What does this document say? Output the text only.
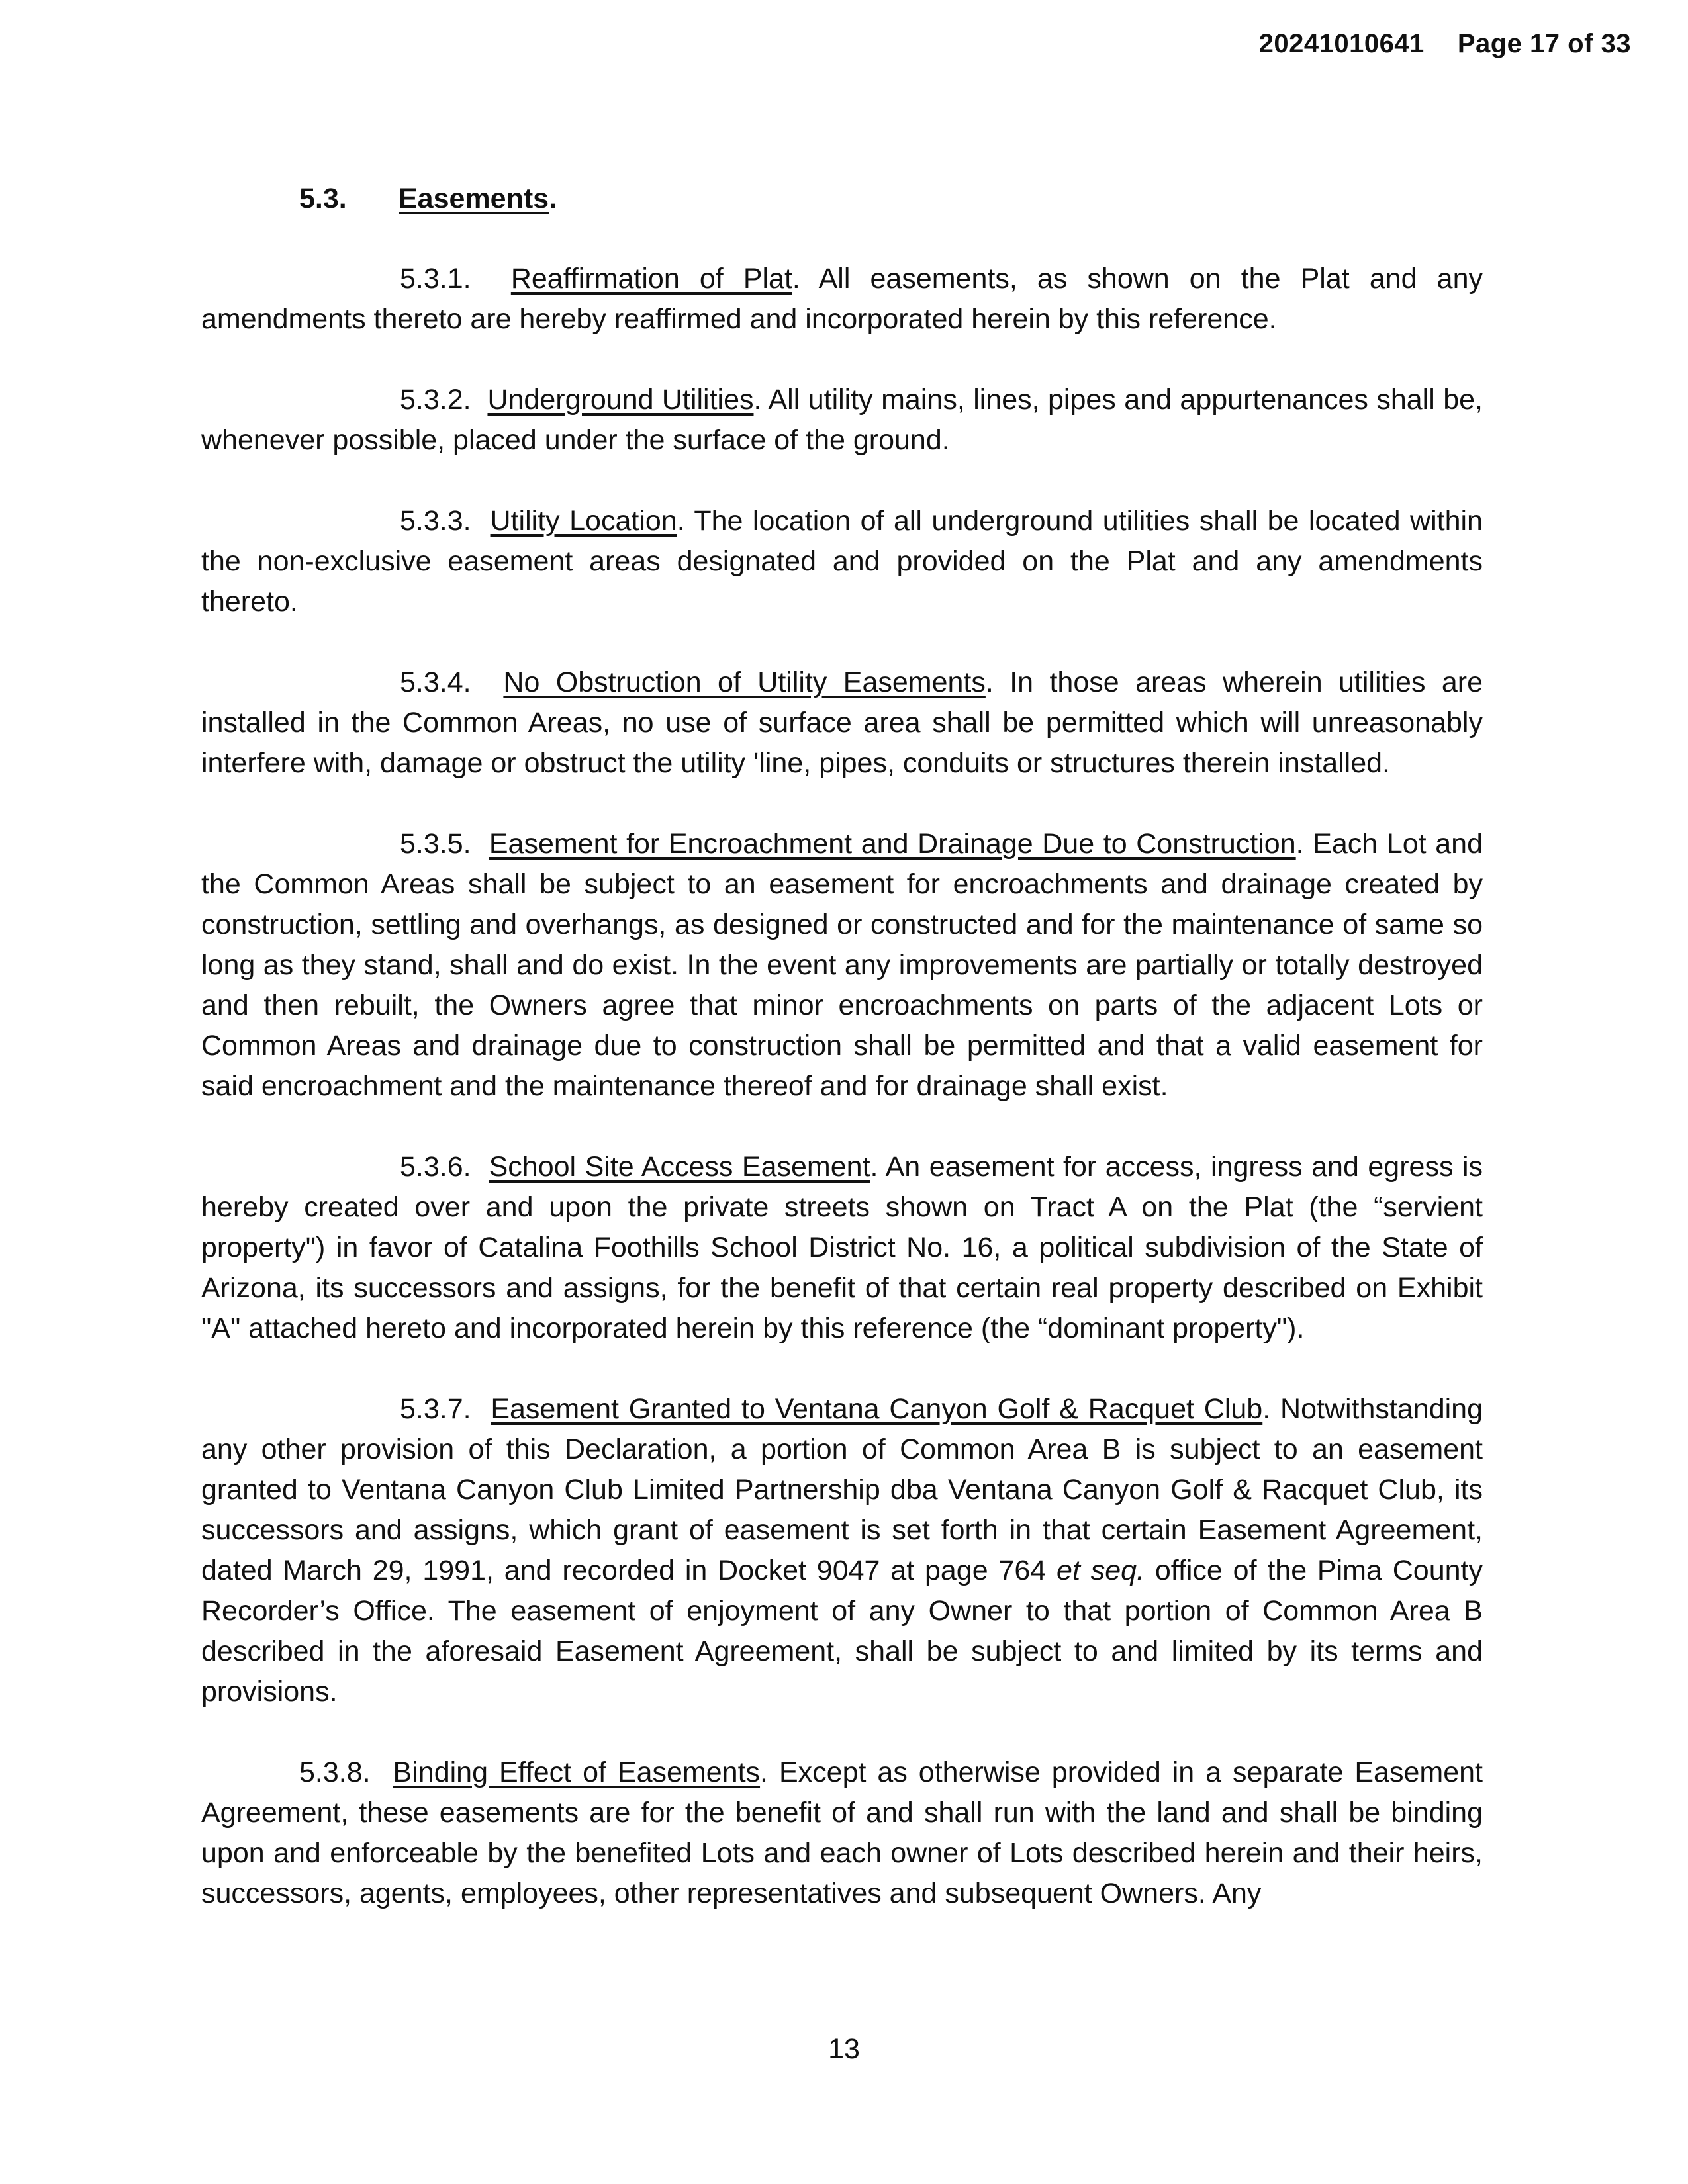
20241010641 Page 17 of 33
5.3. Easements.

5.3.1. Reaffirmation of Plat. All easements, as shown on the Plat and any amendments thereto are hereby reaffirmed and incorporated herein by this reference.

5.3.2. Underground Utilities. All utility mains, lines, pipes and appurtenances shall be, whenever possible, placed under the surface of the ground.

5.3.3. Utility Location. The location of all underground utilities shall be located within the non-exclusive easement areas designated and provided on the Plat and any amendments thereto.

5.3.4. No Obstruction of Utility Easements. In those areas wherein utilities are installed in the Common Areas, no use of surface area shall be permitted which will unreasonably interfere with, damage or obstruct the utility 'line, pipes, conduits or structures therein installed.

5.3.5. Easement for Encroachment and Drainage Due to Construction. Each Lot and the Common Areas shall be subject to an easement for encroachments and drainage created by construction, settling and overhangs, as designed or constructed and for the maintenance of same so long as they stand, shall and do exist. In the event any improvements are partially or totally destroyed and then rebuilt, the Owners agree that minor encroachments on parts of the adjacent Lots or Common Areas and drainage due to construction shall be permitted and that a valid easement for said encroachment and the maintenance thereof and for drainage shall exist.

5.3.6. School Site Access Easement. An easement for access, ingress and egress is hereby created over and upon the private streets shown on Tract A on the Plat (the “servient property") in favor of Catalina Foothills School District No. 16, a political subdivision of the State of Arizona, its successors and assigns, for the benefit of that certain real property described on Exhibit "A" attached hereto and incorporated herein by this reference (the “dominant property").

5.3.7. Easement Granted to Ventana Canyon Golf & Racquet Club. Notwithstanding any other provision of this Declaration, a portion of Common Area B is subject to an easement granted to Ventana Canyon Club Limited Partnership dba Ventana Canyon Golf & Racquet Club, its successors and assigns, which grant of easement is set forth in that certain Easement Agreement, dated March 29, 1991, and recorded in Docket 9047 at page 764 et seq. office of the Pima County Recorder’s Office. The easement of enjoyment of any Owner to that portion of Common Area B described in the aforesaid Easement Agreement, shall be subject to and limited by its terms and provisions.

5.3.8. Binding Effect of Easements. Except as otherwise provided in a separate Easement Agreement, these easements are for the benefit of and shall run with the land and shall be binding upon and enforceable by the benefited Lots and each owner of Lots described herein and their heirs, successors, agents, employees, other representatives and subsequent Owners. Any

13
